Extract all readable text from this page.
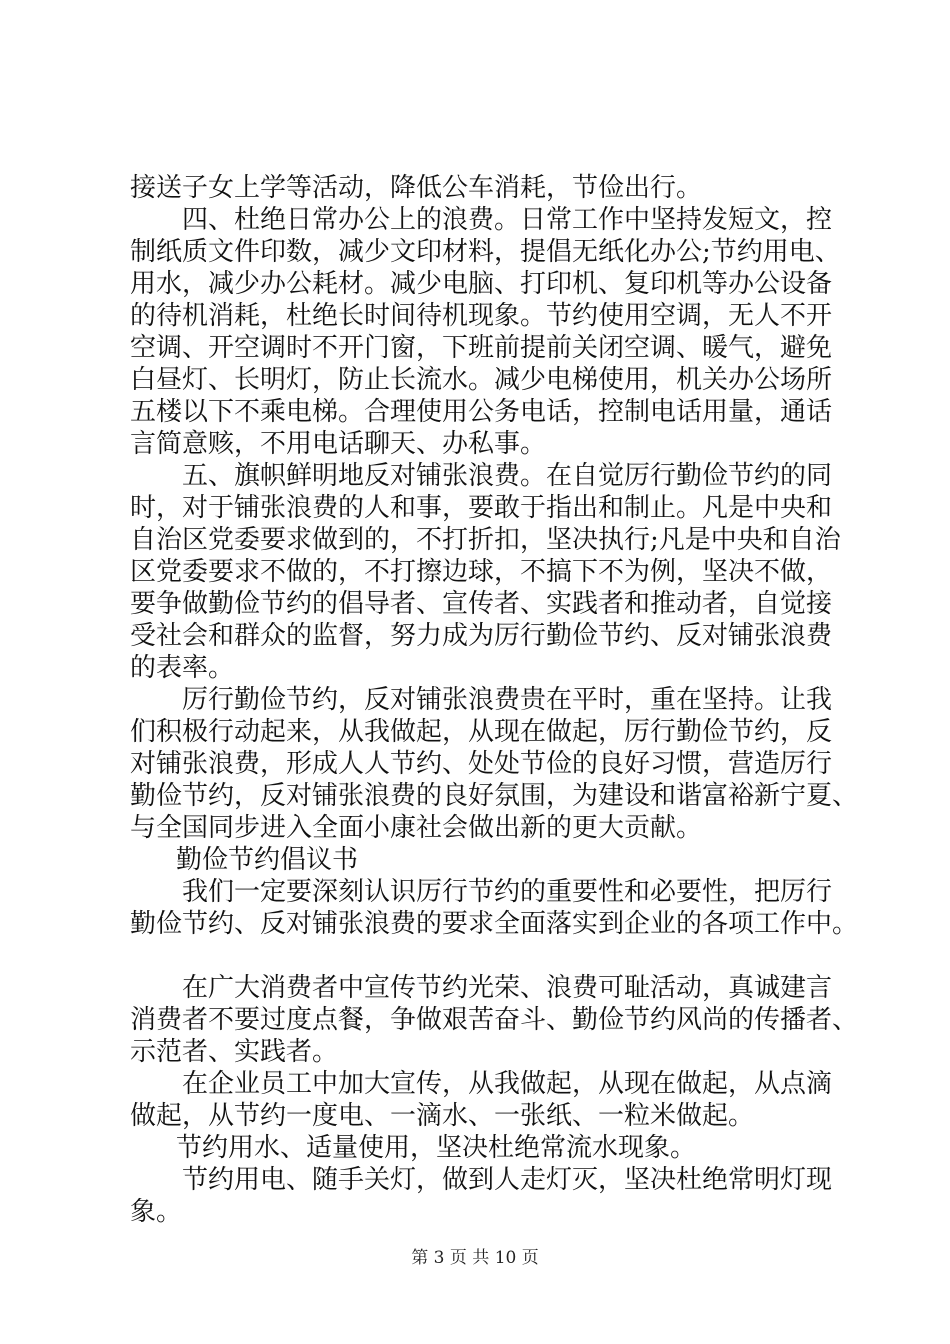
接送子女上学等活动，降低公车消耗，节俭出行。
四、杜绝日常办公上的浪费。日常工作中坚持发短文，控
制纸质文件印数，减少文印材料，提倡无纸化办公;节约用电、
用水，减少办公耗材。减少电脑、打印机、复印机等办公设备
的待机消耗，杜绝长时间待机现象。节约使用空调，无人不开
空调、开空调时不开门窗，下班前提前关闭空调、暖气，避免
白昼灯、长明灯，防止长流水。减少电梯使用，机关办公场所
五楼以下不乘电梯。合理使用公务电话，控制电话用量，通话
言简意赅，不用电话聊天、办私事。
五、旗帜鲜明地反对铺张浪费。在自觉厉行勤俭节约的同
时，对于铺张浪费的人和事，要敢于指出和制止。凡是中央和
自治区党委要求做到的，不打折扣，坚决执行;凡是中央和自治
区党委要求不做的，不打擦边球，不搞下不为例，坚决不做，
要争做勤俭节约的倡导者、宣传者、实践者和推动者，自觉接
受社会和群众的监督，努力成为厉行勤俭节约、反对铺张浪费
的表率。
厉行勤俭节约，反对铺张浪费贵在平时，重在坚持。让我
们积极行动起来，从我做起，从现在做起，厉行勤俭节约，反
对铺张浪费，形成人人节约、处处节俭的良好习惯，营造厉行
勤俭节约，反对铺张浪费的良好氛围，为建设和谐富裕新宁夏、
与全国同步进入全面小康社会做出新的更大贡献。
勤俭节约倡议书
我们一定要深刻认识厉行节约的重要性和必要性，把厉行
勤俭节约、反对铺张浪费的要求全面落实到企业的各项工作中。
在广大消费者中宣传节约光荣、浪费可耻活动，真诚建言
消费者不要过度点餐，争做艰苦奋斗、勤俭节约风尚的传播者、
示范者、实践者。
在企业员工中加大宣传，从我做起，从现在做起，从点滴
做起，从节约一度电、一滴水、一张纸、一粒米做起。
节约用水、适量使用，坚决杜绝常流水现象。
节约用电、随手关灯，做到人走灯灭，坚决杜绝常明灯现
象。
第 3 页 共 10 页
